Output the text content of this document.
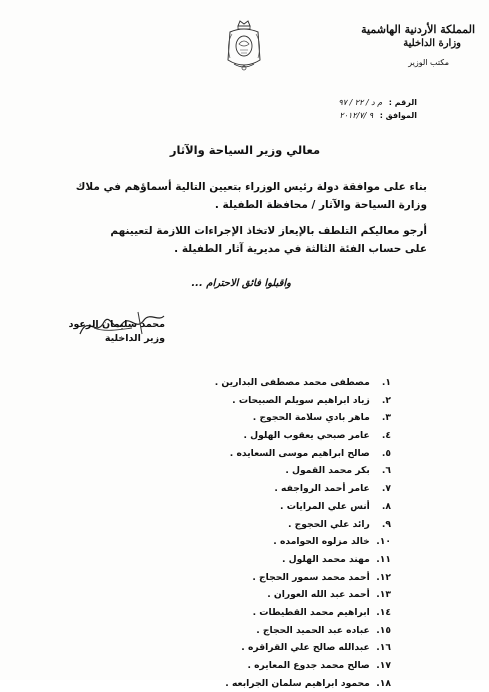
المملكة الأردنية الهاشمية
وزارة الداخلية
مكتب الوزير
الرقم : م د / ٢٢ / ٩٧
الموافق : ٩ /٢٠١٢/٧
معالي وزير السياحة والآثار
بناء على موافقة دولة رئيس الوزراء بتعيين التالية أسماؤهم في ملاك
وزارة السياحة والآثار / محافظة الطفيلة .
أرجو معاليكم التلطف بالإيعاز لاتخاذ الإجراءات اللازمة لتعيينهم
على حساب الفئة الثالثة في مديرية آثار الطفيلة .
واقبلوا فائق الاحترام ...
محمد سليمان الرعود
وزير الداخلية
١. مصطفى محمد مصطفى البدارين .
٢. زياد ابراهيم سويلم الصبيحات .
٣. ماهر بادي سلامة الحجوج .
٤. عامر صبحي يعقوب الهلول .
٥. صالح ابراهيم موسى السعايده .
٦. بكر محمد القمول .
٧. عامر أحمد الرواجفه .
٨. أنس علي المرايات .
٩. رائد علي الحجوج .
١٠. خالد مزلوه الحوامده .
١١. مهند محمد الهلول .
١٢. أحمد محمد سمور الحجاج .
١٣. أحمد عبد الله العوران .
١٤. ابراهيم محمد القطيطات .
١٥. عباده عبد الحميد الحجاج .
١٦. عبدالله صالح علي القراقره .
١٧. صالح محمد جدوع المعايره .
١٨. محمود ابراهيم سلمان الجرابعه .
